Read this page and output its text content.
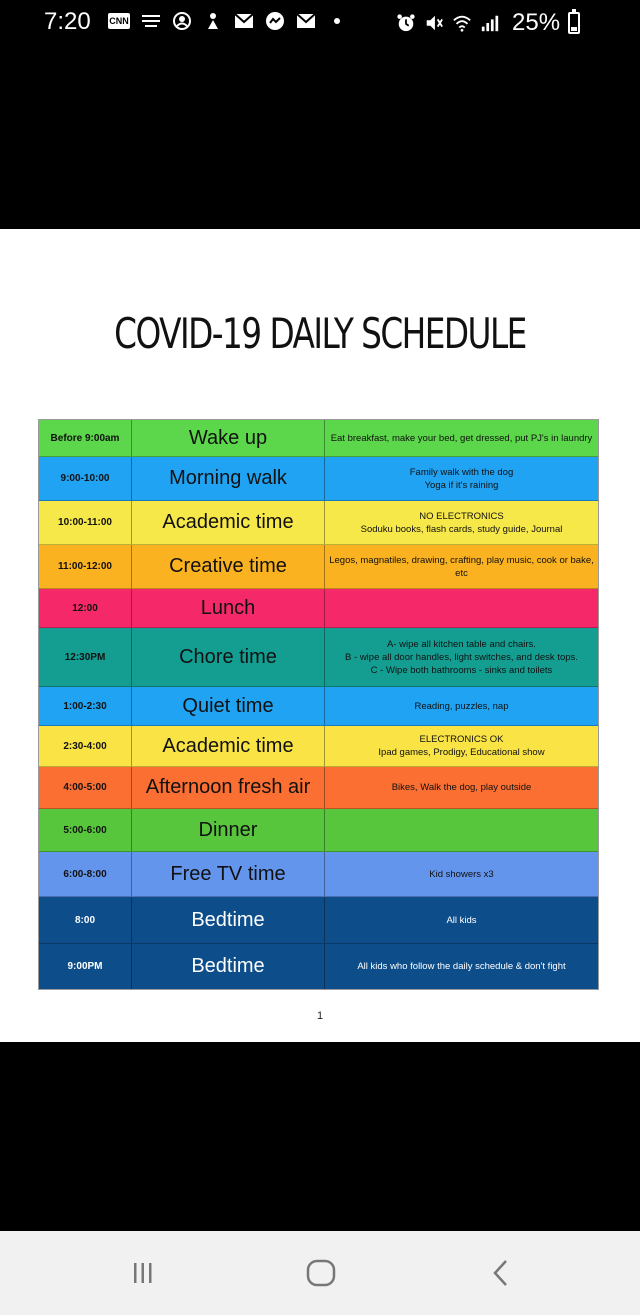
7:20 CNN	25%
COVID-19 DAILY SCHEDULE
Before 9:00am	Wake up	Eat breakfast, make your bed, get dressed, put PJ's in laundry
9:00-10:00	Morning walk	Family walk with the dog
Yoga if it's raining
10:00-11:00	Academic time	NO ELECTRONICS
Soduku books, flash cards, study guide, Journal
11:00-12:00	Creative time	Legos, magnatiles, drawing, crafting, play music, cook or bake, etc
12:00	Lunch
12:30PM	Chore time
A- wipe all kitchen table and chairs.
B - wipe all door handles, light switches, and desk tops.
C - Wipe both bathrooms - sinks and toilets
1:00-2:30	Quiet time	Reading, puzzles, nap
2:30-4:00	Academic time	ELECTRONICS OK
Ipad games, Prodigy, Educational show
4:00-5:00	Afternoon fresh air	Bikes, Walk the dog, play outside
5:00-6:00	Dinner
6:00-8:00	Free TV time	Kid showers x3
8:00	Bedtime	All kids
9:00PM	Bedtime	All kids who follow the daily schedule & don't fight
1
